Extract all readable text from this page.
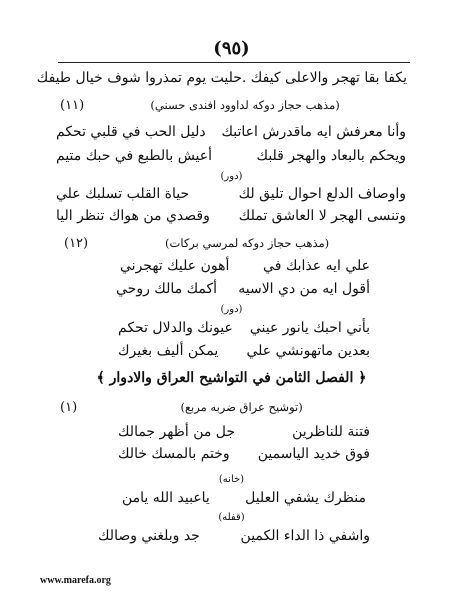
(٩٥)
يكفا بقا تهجر والاعلى كيفك .حليت يوم تمذروا شوف خيال طيفك
(١١)	(مذهب حجاز دوكه لداوود افندى حسني)
دليل الحب في قلبي تحكم وأنا معرفش ايه ماقدرش اعاتبك
أعيش بالطبع في حبك متيم	ويحكم بالبعاد والهجر قلبك
(دور)
حياة القلب تسلبك علي	واوصاف الدلع احوال تليق لك
وقصدي من هواك تنظر اليا وتنسى الهجر لا العاشق تملك
(١٢)	(مذهب حجاز دوكه لمرسي بركات)
أهون عليك تهجرني علي ايه عذابك في
أكمك مالك روحي أقول ايه من دي الاسيه
(دور)
عيونك والدلال تحكم بأني احبك يانور عيني
يمكن أليف بغيرك بعدين ماتهونشي علي
﴿ الفصل الثامن في التواشيح العراق والادوار ﴾
(١)	(توشيح عراق ضربه مربع)
جل من أظهر جمالك	فتنة للناظرين
وختم بالمسك خالك فوق خديد الياسمين
(خانه)
ياعبيد الله يامن	منظرك يشفي العليل
(قفله)
جد وبلغني وصالك	واشفي ذا الداء الكمين
www.marefa.org
